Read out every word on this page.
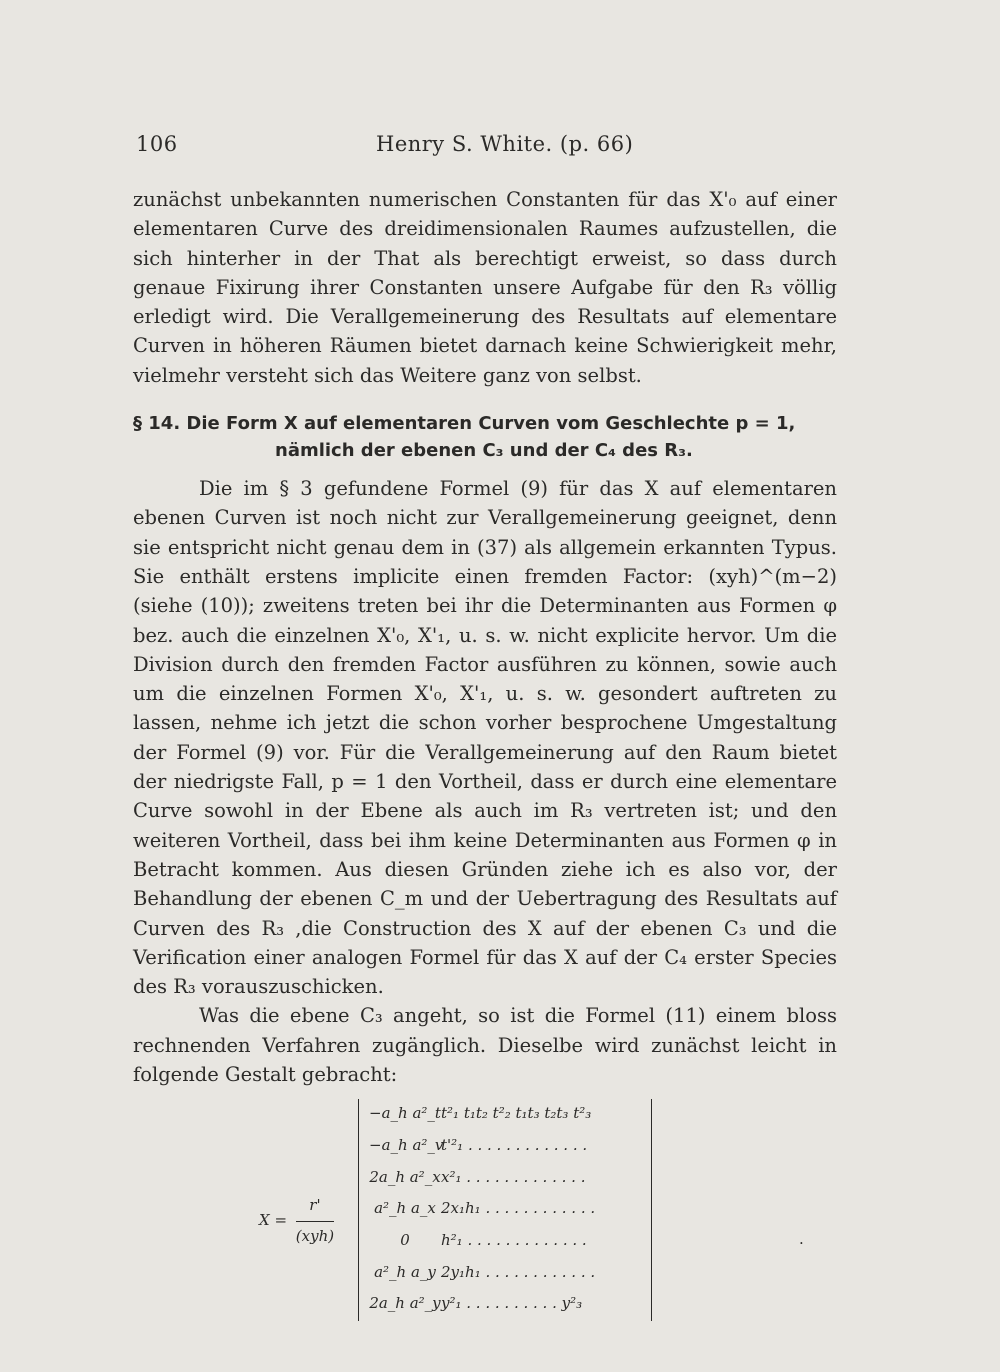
106	Henry S. White. (p. 66)

zunächst unbekannten numerischen Constanten für das X'₀ auf einer elementaren Curve des dreidimensionalen Raumes aufzustellen, die sich hinterher in der That als berechtigt erweist, so dass durch genaue Fixirung ihrer Constanten unsere Aufgabe für den R₃ völlig erledigt wird. Die Verallgemeinerung des Resultats auf elementare Curven in höheren Räumen bietet darnach keine Schwierigkeit mehr, vielmehr versteht sich das Weitere ganz von selbst.

§ 14. Die Form X auf elementaren Curven vom Geschlechte p = 1,
nämlich der ebenen C₃ und der C₄ des R₃.

Die im § 3 gefundene Formel (9) für das X auf elementaren ebenen Curven ist noch nicht zur Verallgemeinerung geeignet, denn sie entspricht nicht genau dem in (37) als allgemein erkannten Typus. Sie enthält erstens implicite einen fremden Factor: (xyh)^(m−2) (siehe (10)); zweitens treten bei ihr die Determinanten aus Formen φ bez. auch die einzelnen X'₀, X'₁, u. s. w. nicht explicite hervor. Um die Division durch den fremden Factor ausführen zu können, sowie auch um die einzelnen Formen X'₀, X'₁, u. s. w. gesondert auftreten zu lassen, nehme ich jetzt die schon vorher besprochene Umgestaltung der Formel (9) vor. Für die Verallgemeinerung auf den Raum bietet der niedrigste Fall, p = 1 den Vortheil, dass er durch eine elementare Curve sowohl in der Ebene als auch im R₃ vertreten ist; und den weiteren Vortheil, dass bei ihm keine Determinanten aus Formen φ in Betracht kommen. Aus diesen Gründen ziehe ich es also vor, der Behandlung der ebenen C_m und der Uebertragung des Resultats auf Curven des R₃ ,die Construction des X auf der ebenen C₃ und die Verification einer analogen Formel für das X auf der C₄ erster Species des R₃ vorauszuschicken.

Was die ebene C₃ angeht, so ist die Formel (11) einem bloss rechnenden Verfahren zugänglich. Dieselbe wird zunächst leicht in folgende Gestalt gebracht:

$X = \frac{r'}{\text{(xyh)}}$
−a_h a²_tt²₁ t₁t₂ t²₂ t₁t₃ t₂t₃ t²₃
−a_h a²_vt'²₁ . . . . . . . . . . . . .
2a_h a²_xx²₁ . . . . . . . . . . . . .
a²_h a_x 2x₁h₁ . . . . . . . . . . . .
0 h²₁ . . . . . . . . . . . . .
a²_h a_y 2y₁h₁ . . . . . . . . . . . .
2a_h a²_yy²₁ . . . . . . . . . . y²₃
.
